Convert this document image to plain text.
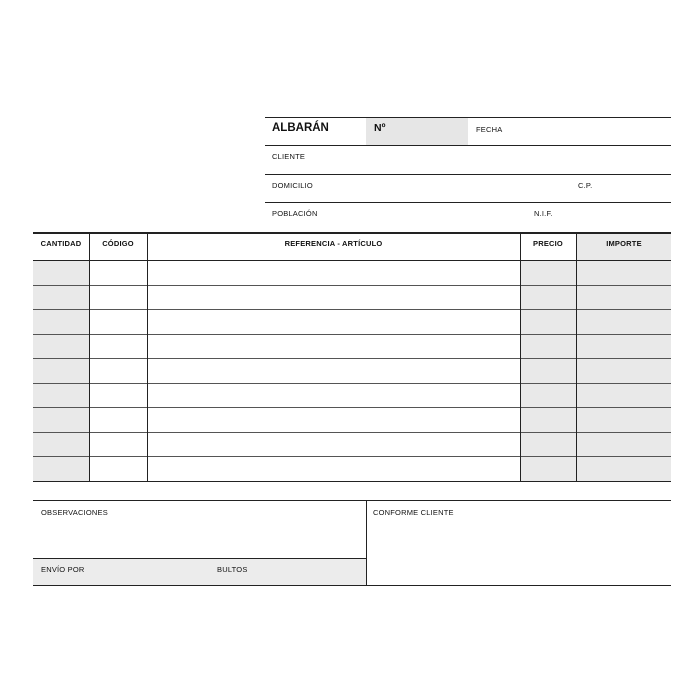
ALBARÁN	Nº	FECHA
CLIENTE
DOMICILIO	C.P.
POBLACIÓN	N.I.F.
CANTIDAD	CÓDIGO	REFERENCIA - ARTÍCULO	PRECIO	IMPORTE
OBSERVACIONES
ENVÍO POR	BULTOS
CONFORME CLIENTE
